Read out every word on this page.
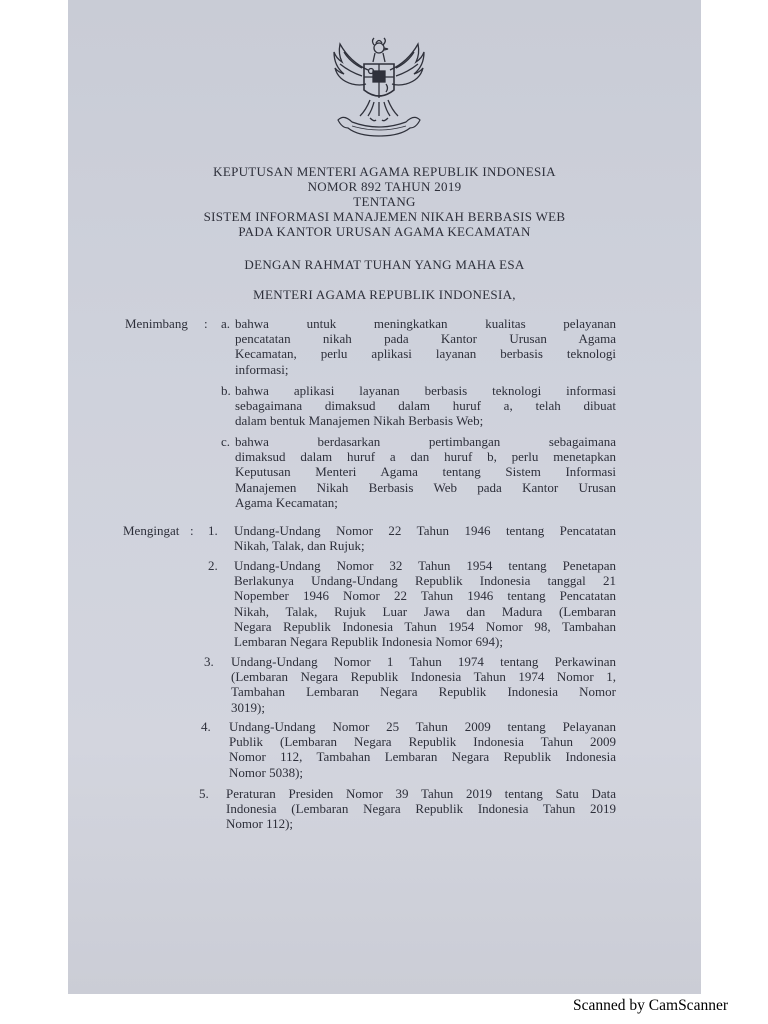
KEPUTUSAN MENTERI AGAMA REPUBLIK INDONESIA
NOMOR 892 TAHUN 2019
TENTANG
SISTEM INFORMASI MANAJEMEN NIKAH BERBASIS WEB
PADA KANTOR URUSAN AGAMA KECAMATAN
DENGAN RAHMAT TUHAN YANG MAHA ESA
MENTERI AGAMA REPUBLIK INDONESIA,
Menimbang : a. bahwa untuk meningkatkan kualitas pelayanan
pencatatan nikah pada Kantor Urusan Agama
Kecamatan, perlu aplikasi layanan berbasis teknologi
informasi;
b. bahwa aplikasi layanan berbasis teknologi informasi
sebagaimana dimaksud dalam huruf a, telah dibuat
dalam bentuk Manajemen Nikah Berbasis Web;
c. bahwa berdasarkan pertimbangan sebagaimana
dimaksud dalam huruf a dan huruf b, perlu menetapkan
Keputusan Menteri Agama tentang Sistem Informasi
Manajemen Nikah Berbasis Web pada Kantor Urusan
Agama Kecamatan;
Mengingat : 1. Undang-Undang Nomor 22 Tahun 1946 tentang Pencatatan
Nikah, Talak, dan Rujuk;
2. Undang-Undang Nomor 32 Tahun 1954 tentang Penetapan
Berlakunya Undang-Undang Republik Indonesia tanggal 21
Nopember 1946 Nomor 22 Tahun 1946 tentang Pencatatan
Nikah, Talak, Rujuk Luar Jawa dan Madura (Lembaran
Negara Republik Indonesia Tahun 1954 Nomor 98, Tambahan
Lembaran Negara Republik Indonesia Nomor 694);
3. Undang-Undang Nomor 1 Tahun 1974 tentang Perkawinan
(Lembaran Negara Republik Indonesia Tahun 1974 Nomor 1,
Tambahan Lembaran Negara Republik Indonesia Nomor
3019);
4. Undang-Undang Nomor 25 Tahun 2009 tentang Pelayanan
Publik (Lembaran Negara Republik Indonesia Tahun 2009
Nomor 112, Tambahan Lembaran Negara Republik Indonesia
Nomor 5038);
5. Peraturan Presiden Nomor 39 Tahun 2019 tentang Satu Data
Indonesia (Lembaran Negara Republik Indonesia Tahun 2019
Nomor 112);
Scanned by CamScanner
